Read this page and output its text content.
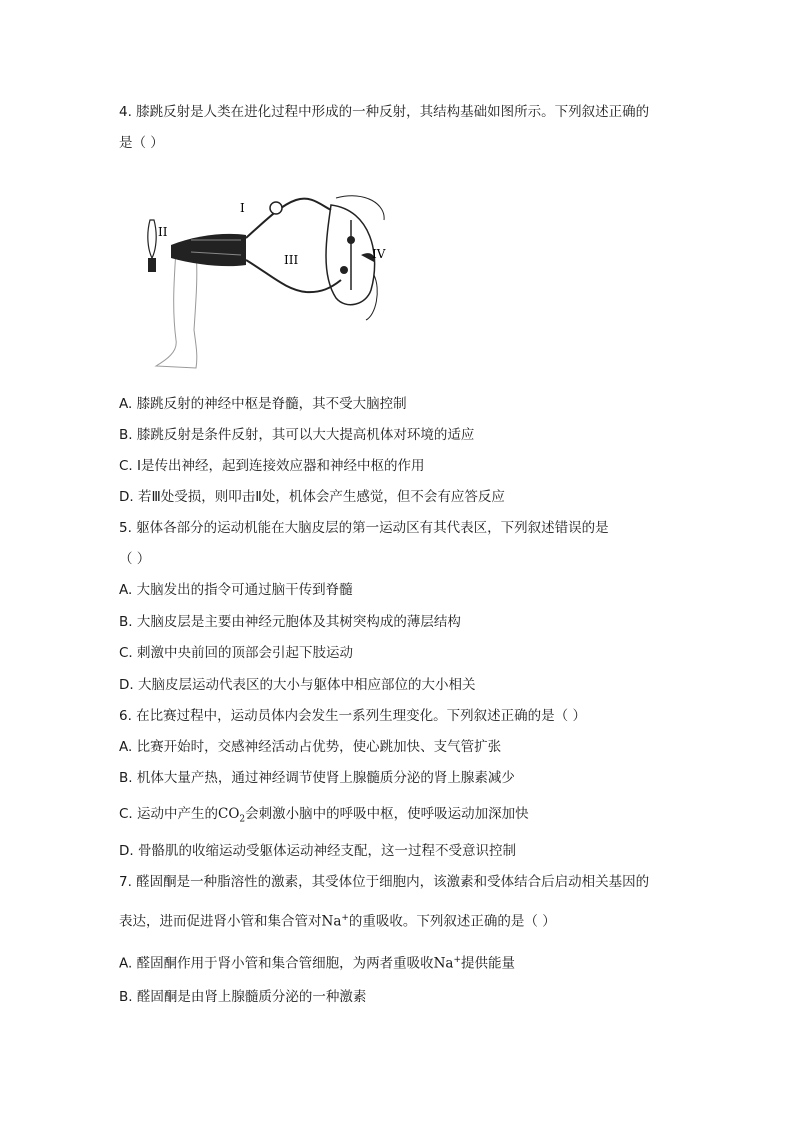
4. 膝跳反射是人类在进化过程中形成的一种反射，其结构基础如图所示。下列叙述正确的
是（ ）
I
II
III	IV
A. 膝跳反射的神经中枢是脊髓，其不受大脑控制
B. 膝跳反射是条件反射，其可以大大提高机体对环境的适应
C. Ⅰ是传出神经，起到连接效应器和神经中枢的作用
D. 若Ⅲ处受损，则叩击Ⅱ处，机体会产生感觉，但不会有应答反应
5. 躯体各部分的运动机能在大脑皮层的第一运动区有其代表区，下列叙述错误的是
（ ）
A. 大脑发出的指令可通过脑干传到脊髓
B. 大脑皮层是主要由神经元胞体及其树突构成的薄层结构
C. 刺激中央前回的顶部会引起下肢运动
D. 大脑皮层运动代表区的大小与躯体中相应部位的大小相关
6. 在比赛过程中，运动员体内会发生一系列生理变化。下列叙述正确的是（ ）
A. 比赛开始时，交感神经活动占优势，使心跳加快、支气管扩张
B. 机体大量产热，通过神经调节使肾上腺髓质分泌的肾上腺素减少
C. 运动中产生的$CO_2$会刺激小脑中的呼吸中枢，使呼吸运动加深加快
D. 骨骼肌的收缩运动受躯体运动神经支配，这一过程不受意识控制
7. 醛固酮是一种脂溶性的激素，其受体位于细胞内，该激素和受体结合后启动相关基因的
表达，进而促进肾小管和集合管对Na+的重吸收。下列叙述正确的是（ ）
A. 醛固酮作用于肾小管和集合管细胞，为两者重吸收Na+提供能量
B. 醛固酮是由肾上腺髓质分泌的一种激素
